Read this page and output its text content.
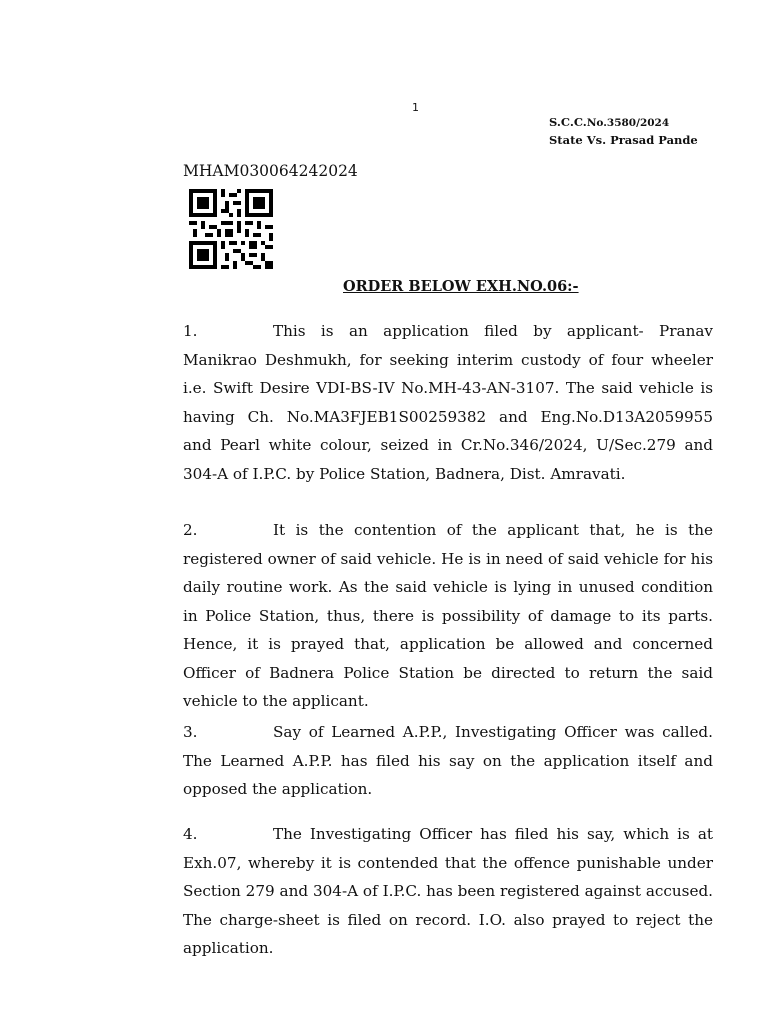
1
S.C.C.No.3580/2024
State Vs. Prasad Pande
MHAM030064242024
ORDER BELOW EXH.NO.06:-
1.	This is an application filed by applicant- Pranav Manikrao Deshmukh, for seeking interim custody of four wheeler i.e. Swift Desire VDI-BS-IV No.MH-43-AN-3107. The said vehicle is having Ch. No.MA3FJEB1S00259382 and Eng.No.D13A2059955 and Pearl white colour, seized in Cr.No.346/2024, U/Sec.279 and 304-A of I.P.C. by Police Station, Badnera, Dist. Amravati.
2.	It is the contention of the applicant that, he is the registered owner of said vehicle. He is in need of said vehicle for his daily routine work. As the said vehicle is lying in unused condition in Police Station, thus, there is possibility of damage to its parts. Hence, it is prayed that, application be allowed and concerned Officer of Badnera Police Station be directed to return the said vehicle to the applicant.
3.	Say of Learned A.P.P., Investigating Officer was called. The Learned A.P.P. has filed his say on the application itself and opposed the application.
4.	The Investigating Officer has filed his say, which is at Exh.07, whereby it is contended that the offence punishable under Section 279 and 304-A of I.P.C. has been registered against accused. The charge-sheet is filed on record. I.O. also prayed to reject the application.
